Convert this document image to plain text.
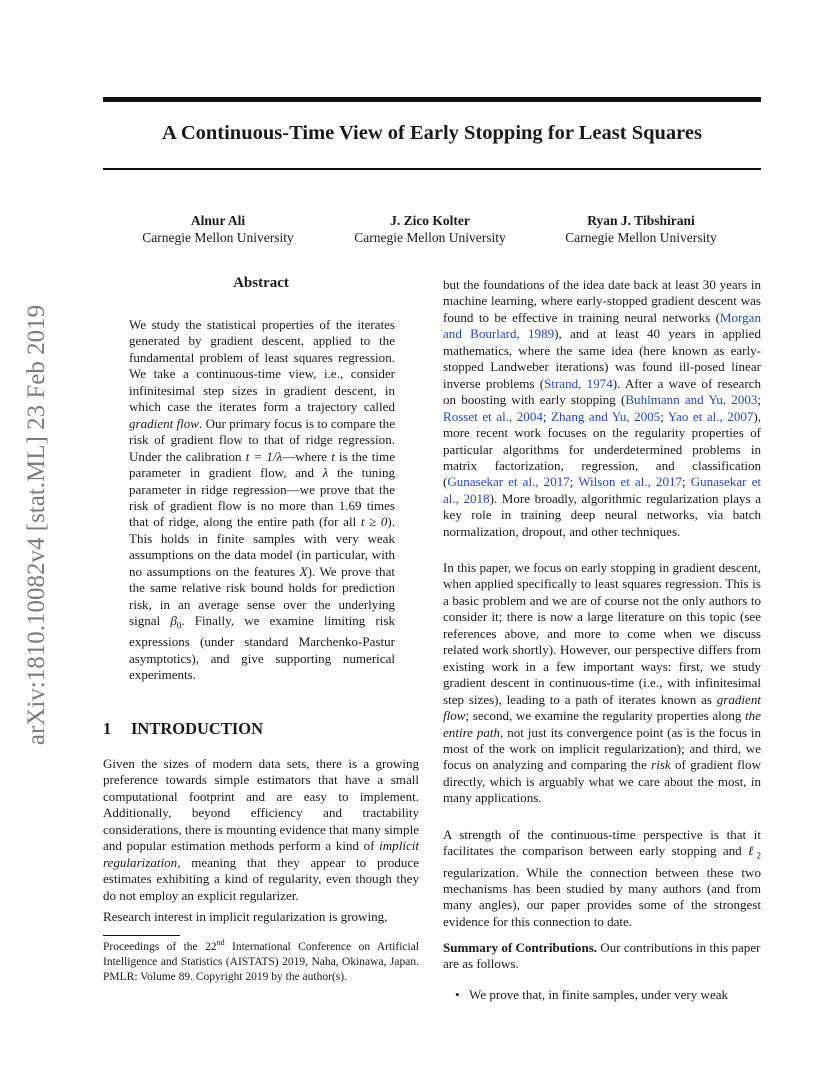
arXiv:1810.10082v4 [stat.ML] 23 Feb 2019
A Continuous-Time View of Early Stopping for Least Squares
Alnur Ali
Carnegie Mellon University
J. Zico Kolter
Carnegie Mellon University
Ryan J. Tibshirani
Carnegie Mellon University
Abstract

We study the statistical properties of the iterates generated by gradient descent, applied to the fundamental problem of least squares regression. We take a continuous-time view, i.e., consider infinitesimal step sizes in gradient descent, in which case the iterates form a trajectory called gradient flow. Our primary focus is to compare the risk of gradient flow to that of ridge regression. Under the calibration t = 1/λ—where t is the time parameter in gradient flow, and λ the tuning parameter in ridge regression—we prove that the risk of gradient flow is no more than 1.69 times that of ridge, along the entire path (for all t ≥ 0). This holds in finite samples with very weak assumptions on the data model (in particular, with no assumptions on the features X). We prove that the same relative risk bound holds for prediction risk, in an average sense over the underlying signal $\beta_0$. Finally, we examine limiting risk expressions (under standard Marchenko-Pastur asymptotics), and give supporting numerical experiments.

1 INTRODUCTION

Given the sizes of modern data sets, there is a growing preference towards simple estimators that have a small computational footprint and are easy to implement. Additionally, beyond efficiency and tractability considerations, there is mounting evidence that many simple and popular estimation methods perform a kind of implicit regularization, meaning that they appear to produce estimates exhibiting a kind of regularity, even though they do not employ an explicit regularizer.

Research interest in implicit regularization is growing,

Proceedings of the 22nd International Conference on Artificial Intelligence and Statistics (AISTATS) 2019, Naha, Okinawa, Japan. PMLR: Volume 89. Copyright 2019 by the author(s).

but the foundations of the idea date back at least 30 years in machine learning, where early-stopped gradient descent was found to be effective in training neural networks (Morgan and Bourlard, 1989), and at least 40 years in applied mathematics, where the same idea (here known as early-stopped Landweber iterations) was found ill-posed linear inverse problems (Strand, 1974). After a wave of research on boosting with early stopping (Buhlmann and Yu, 2003; Rosset et al., 2004; Zhang and Yu, 2005; Yao et al., 2007), more recent work focuses on the regularity properties of particular algorithms for underdetermined problems in matrix factorization, regression, and classification (Gunasekar et al., 2017; Wilson et al., 2017; Gunasekar et al., 2018). More broadly, algorithmic regularization plays a key role in training deep neural networks, via batch normalization, dropout, and other techniques.

In this paper, we focus on early stopping in gradient descent, when applied specifically to least squares regression. This is a basic problem and we are of course not the only authors to consider it; there is now a large literature on this topic (see references above, and more to come when we discuss related work shortly). However, our perspective differs from existing work in a few important ways: first, we study gradient descent in continuous-time (i.e., with infinitesimal step sizes), leading to a path of iterates known as gradient flow; second, we examine the regularity properties along the entire path, not just its convergence point (as is the focus in most of the work on implicit regularization); and third, we focus on analyzing and comparing the risk of gradient flow directly, which is arguably what we care about the most, in many applications.

A strength of the continuous-time perspective is that it facilitates the comparison between early stopping and ℓ$_2$ regularization. While the connection between these two mechanisms has been studied by many authors (and from many angles), our paper provides some of the strongest evidence for this connection to date.

Summary of Contributions. Our contributions in this paper are as follows.

• We prove that, in finite samples, under very weak
